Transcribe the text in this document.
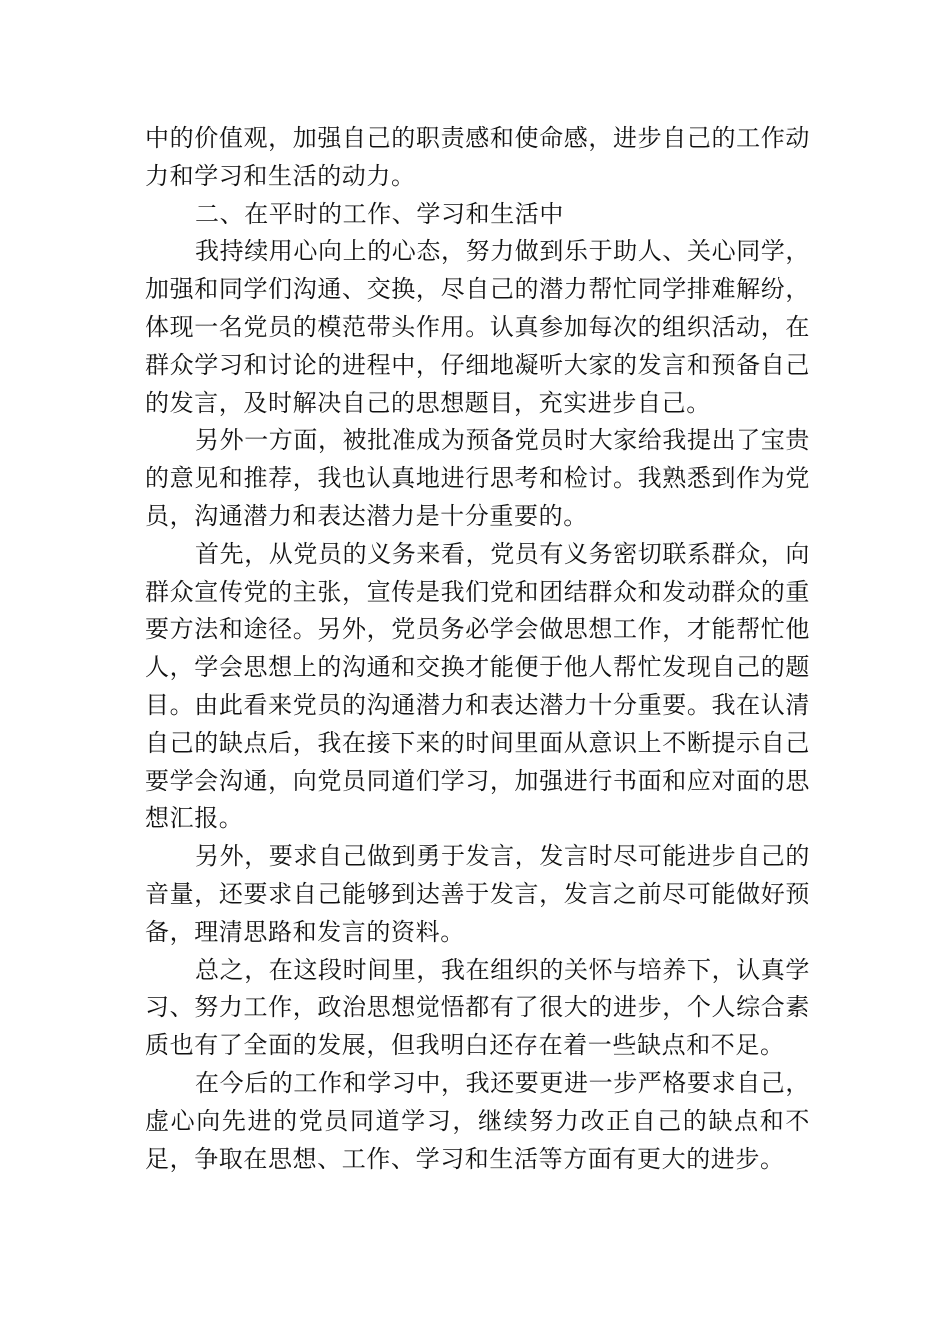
中的价值观，加强自己的职责感和使命感，进步自己的工作动力和学习和生活的动力。

二、在平时的工作、学习和生活中

我持续用心向上的心态，努力做到乐于助人、关心同学，加强和同学们沟通、交换，尽自己的潜力帮忙同学排难解纷，体现一名党员的模范带头作用。认真参加每次的组织活动，在群众学习和讨论的进程中，仔细地凝听大家的发言和预备自己的发言，及时解决自己的思想题目，充实进步自己。

另外一方面，被批准成为预备党员时大家给我提出了宝贵的意见和推荐，我也认真地进行思考和检讨。我熟悉到作为党员，沟通潜力和表达潜力是十分重要的。

首先，从党员的义务来看，党员有义务密切联系群众，向群众宣传党的主张，宣传是我们党和团结群众和发动群众的重要方法和途径。另外，党员务必学会做思想工作，才能帮忙他人，学会思想上的沟通和交换才能便于他人帮忙发现自己的题目。由此看来党员的沟通潜力和表达潜力十分重要。我在认清自己的缺点后，我在接下来的时间里面从意识上不断提示自己要学会沟通，向党员同道们学习，加强进行书面和应对面的思想汇报。

另外，要求自己做到勇于发言，发言时尽可能进步自己的音量，还要求自己能够到达善于发言，发言之前尽可能做好预备，理清思路和发言的资料。

总之，在这段时间里，我在组织的关怀与培养下，认真学习、努力工作，政治思想觉悟都有了很大的进步，个人综合素质也有了全面的发展，但我明白还存在着一些缺点和不足。

在今后的工作和学习中，我还要更进一步严格要求自己，虚心向先进的党员同道学习，继续努力改正自己的缺点和不足，争取在思想、工作、学习和生活等方面有更大的进步。
